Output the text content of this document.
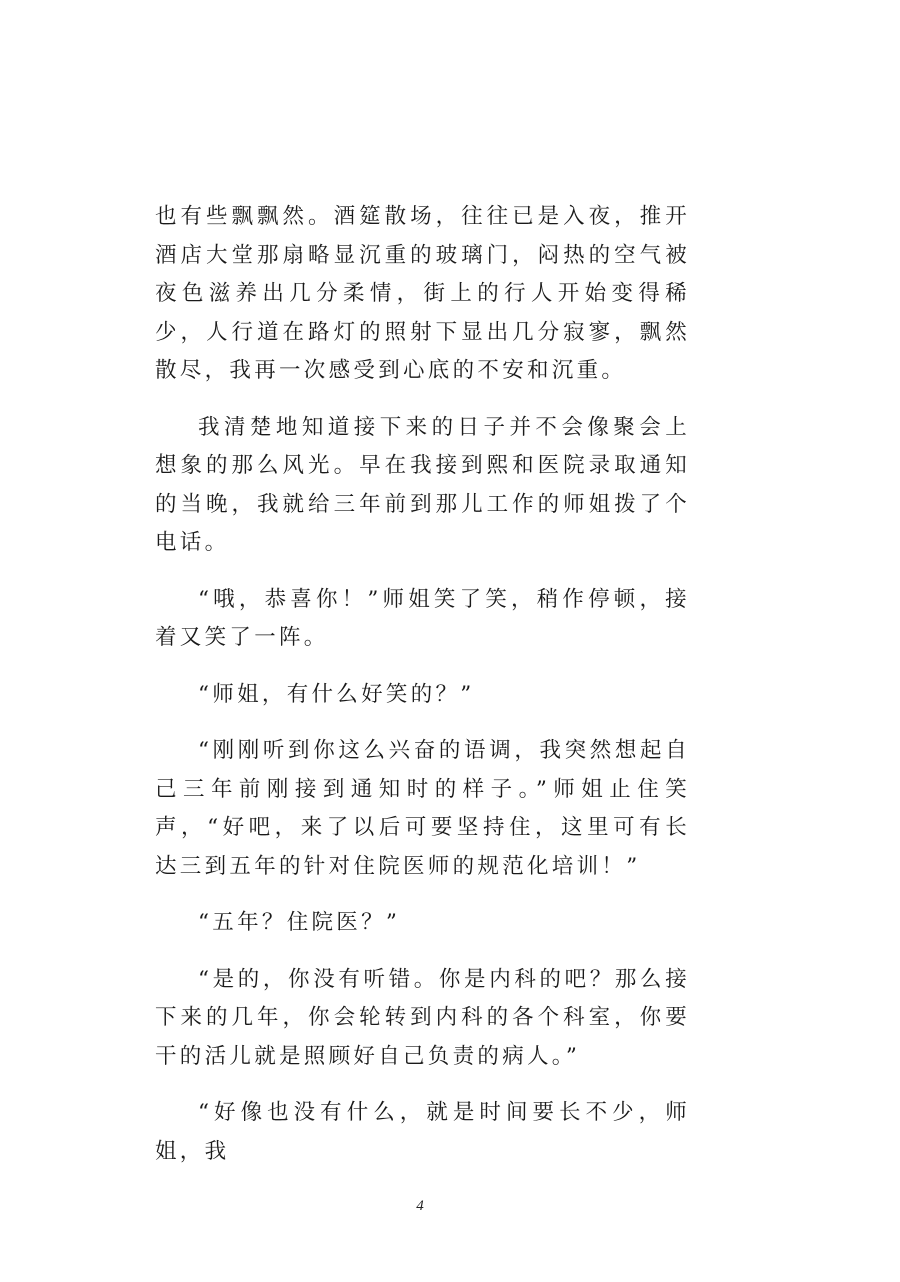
也有些飘飘然。酒筵散场，往往已是入夜，推开酒店大堂那扇略显沉重的玻璃门，闷热的空气被夜色滋养出几分柔情，街上的行人开始变得稀少，人行道在路灯的照射下显出几分寂寥，飘然散尽，我再一次感受到心底的不安和沉重。

我清楚地知道接下来的日子并不会像聚会上想象的那么风光。早在我接到熙和医院录取通知的当晚，我就给三年前到那儿工作的师姐拨了个电话。

“哦，恭喜你！”师姐笑了笑，稍作停顿，接着又笑了一阵。

“师姐，有什么好笑的？”

“刚刚听到你这么兴奋的语调，我突然想起自己三年前刚接到通知时的样子。”师姐止住笑声，“好吧，来了以后可要坚持住，这里可有长达三到五年的针对住院医师的规范化培训！”

“五年？住院医？”

“是的，你没有听错。你是内科的吧？那么接下来的几年，你会轮转到内科的各个科室，你要干的活儿就是照顾好自己负责的病人。”

“好像也没有什么，就是时间要长不少，师姐，我

4
